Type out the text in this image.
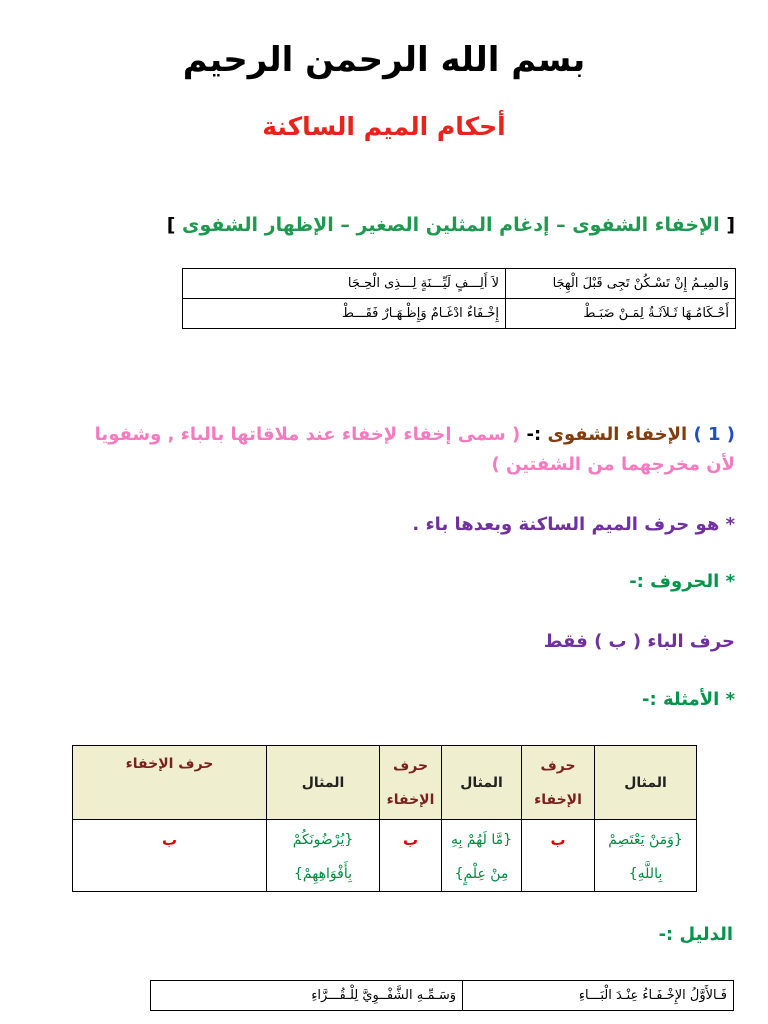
بسم الله الرحمن الرحيم
أحكام الميم الساكنة
[ الإخفاء الشفوى – إدغام المثلين الصغير – الإظهار الشفوى ]
وَالمِيـمُ إِنْ تَسْـكُنْ تَجِى قَبْلَ الْهِجَا	لاَ أَلِـــفٍ لَيِّـــنَةٍ لِـــذِى الْحِـجَا
أَحْـكَامُـهَا ثَـلاَثَـةٌ لِمَـنْ ضَبَـطْ	إِخْـفَاءٌ ادْغَـامٌ وَإِظْـهَـارٌ فَقَـــطْ
( 1 ) الإخفاء الشفوى :- ( سمى إخفاء لإخفاء عند ملاقاتها بالباء , وشفويا لأن مخرجهما من الشفتين )
* هو حرف الميم الساكنة وبعدها باء .
* الحروف :-
حرف الباء ( ب ) فقط
* الأمثلة :-
المثال	حرف الإخفاء	المثال	حرف الإخفاء	المثال	حرف الإخفاء
{وَمَنْ يَعْتَصِمْ بِاللَّهِ}	ب	{مَّا لَهُمْ بِهِ مِنْ عِلْمٍ}	ب	{يُرْضُونَكُمْ بِأَفْوَاهِهِمْ}	ب
الدليل :-
فَـالأَوَّلُ الإِخْـفَـاءُ عِنْـدَ الْبَـــاءِ	وَسَـمِّـهِ الشَّفْــوِيَّ لِلْـقُـــرَّاءِ
